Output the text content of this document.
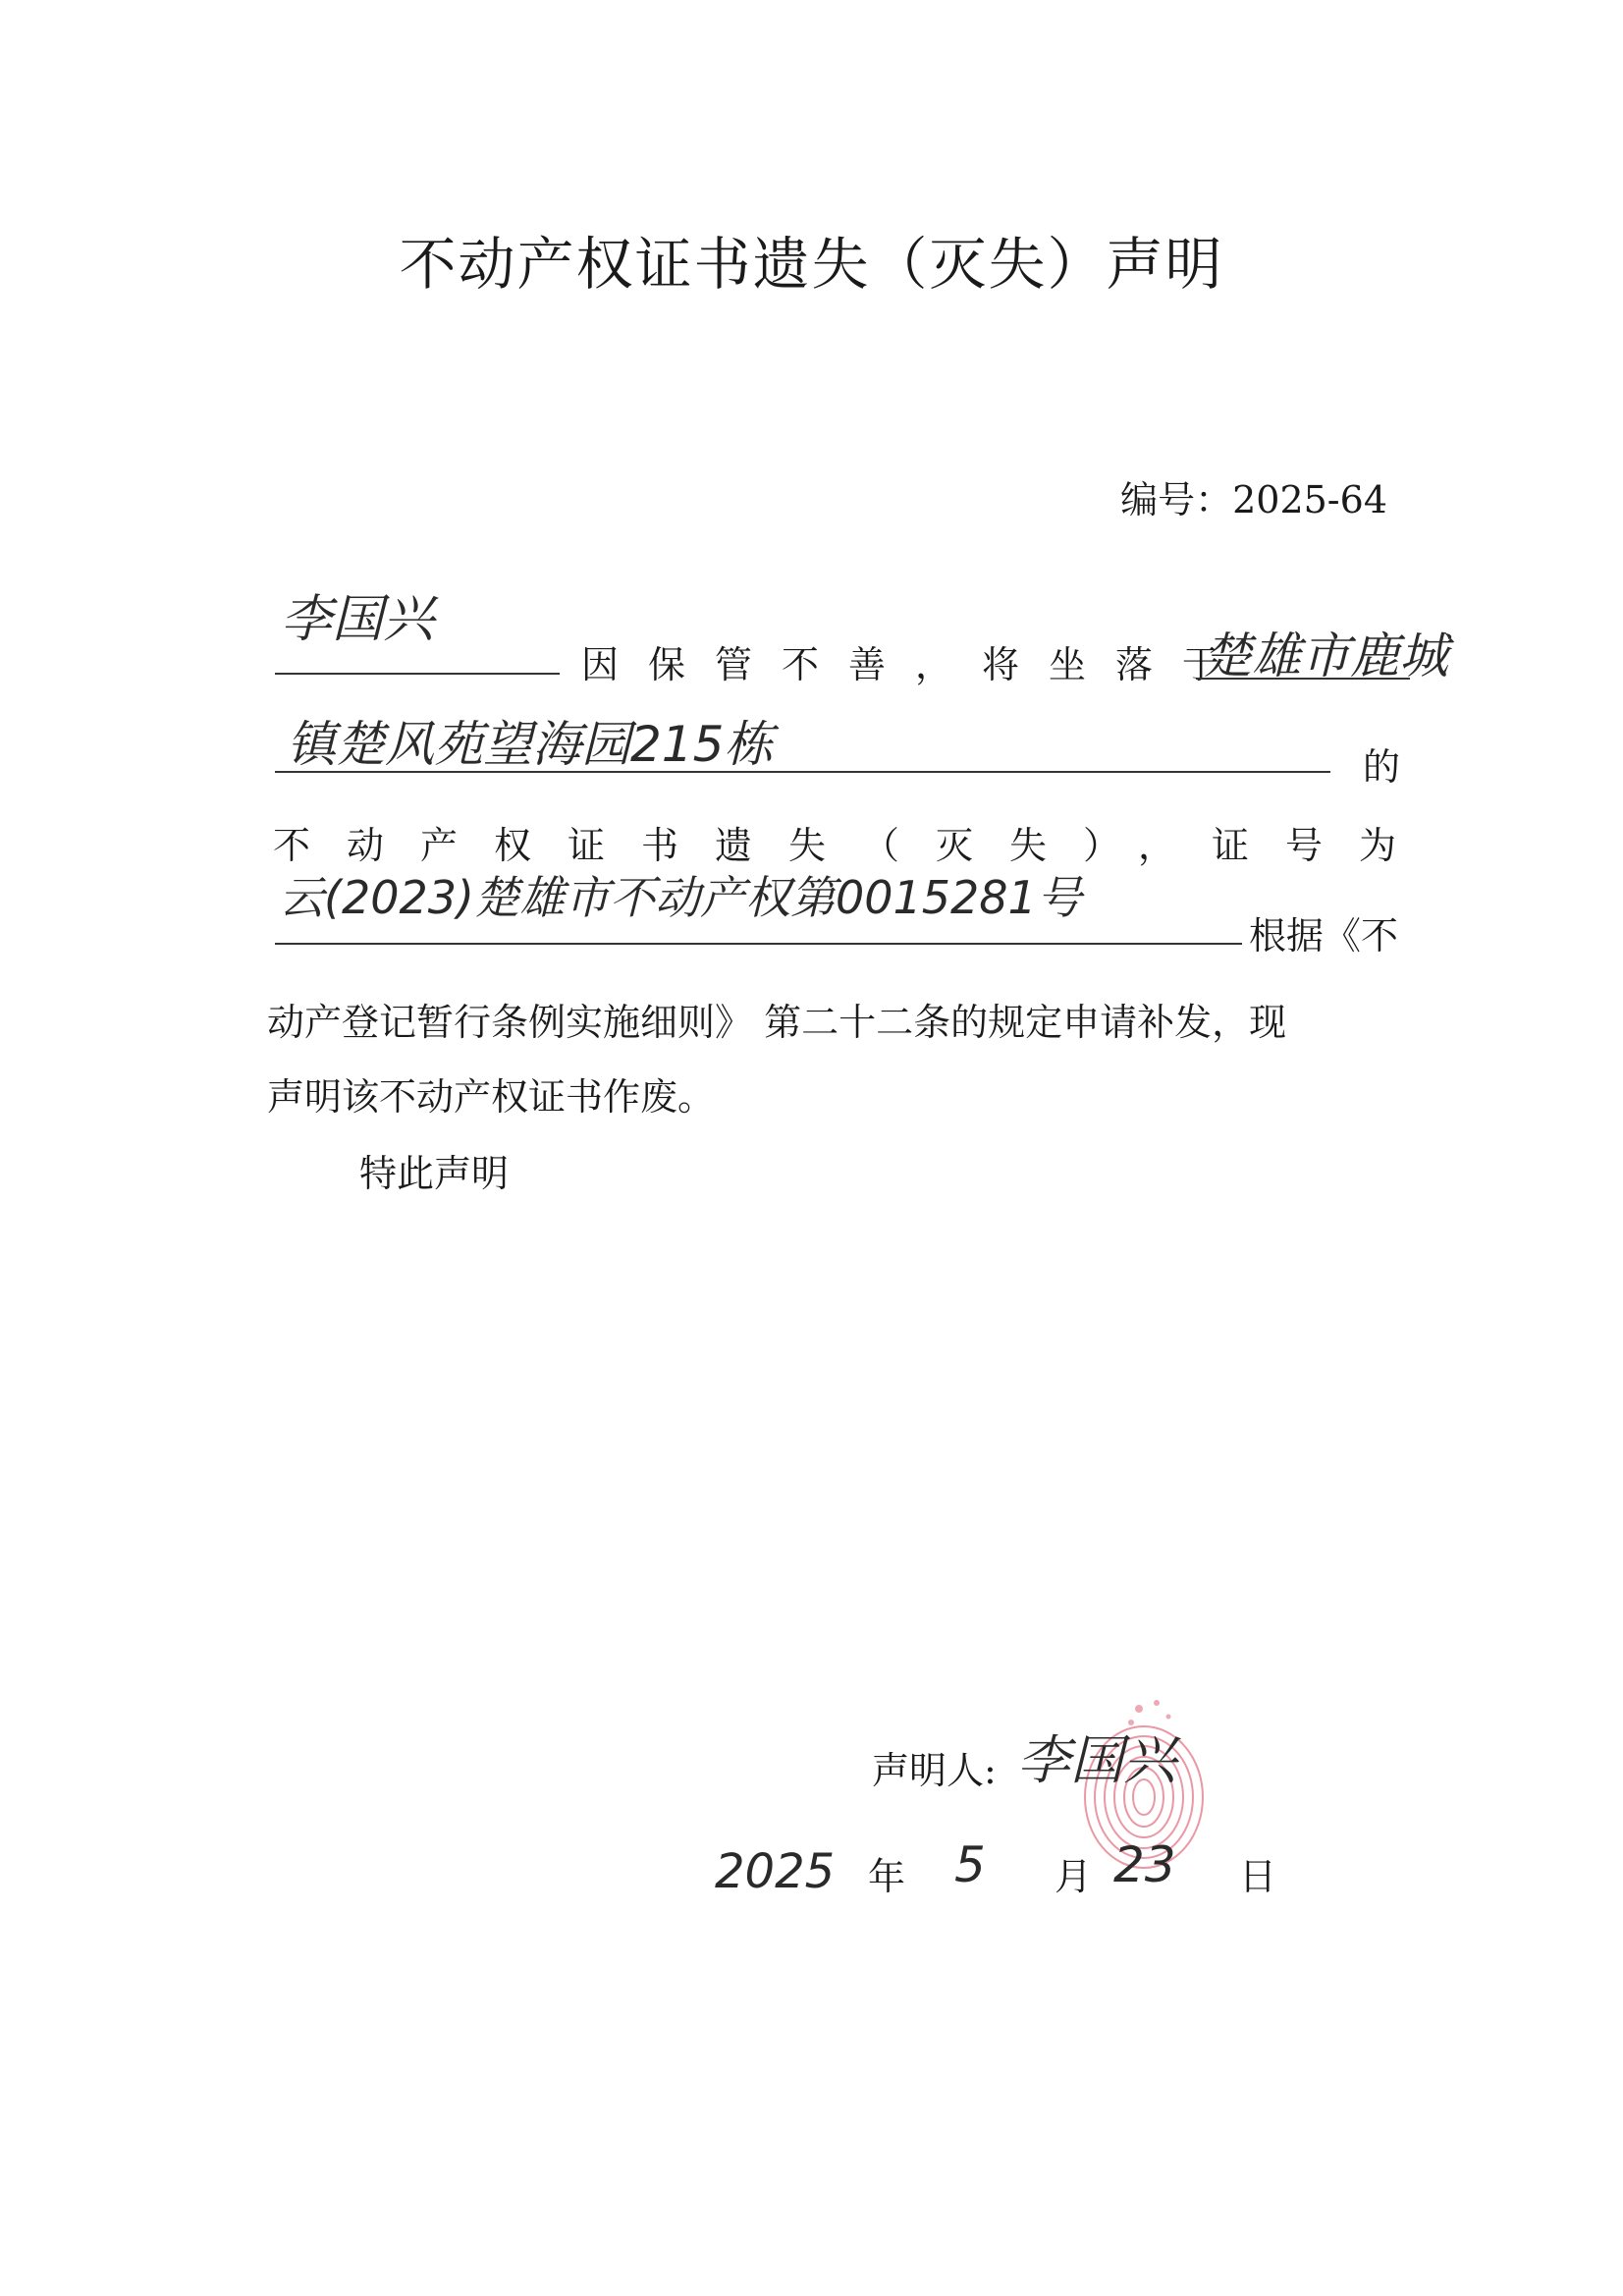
不动产权证书遗失（灭失）声明
编号：2025-64
李国兴
因保管不善，将坐落于
楚雄市鹿城
镇楚风苑望海园215栋	的
不动产权证书遗失（灭失），证号为
云(2023)楚雄市不动产权第0015281号
根据《不
动产登记暂行条例实施细则》 第二十二条的规定申请补发，现
声明该不动产权证书作废。
特此声明
声明人: 李国兴
2025 年 5 月 23 日
